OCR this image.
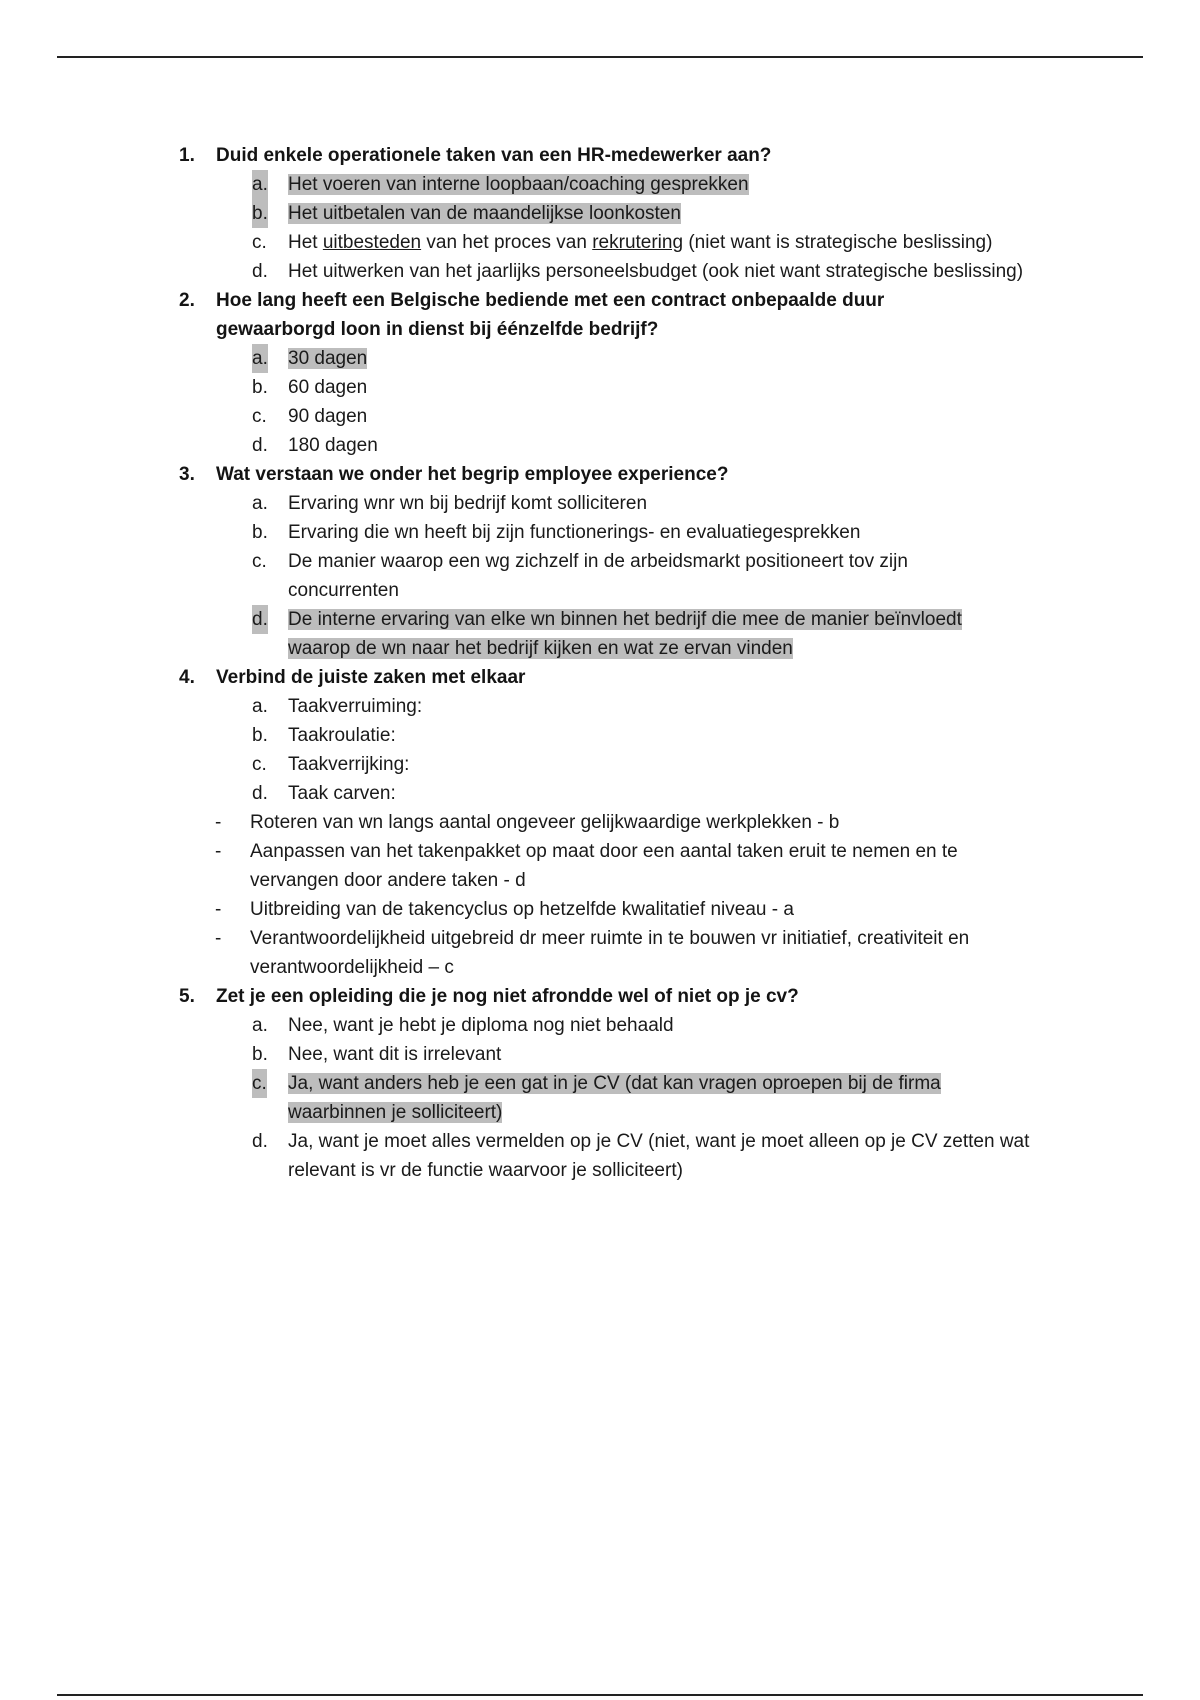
1. Duid enkele operationele taken van een HR-medewerker aan?
a. Het voeren van interne loopbaan/coaching gesprekken
b. Het uitbetalen van de maandelijkse loonkosten
c. Het uitbesteden van het proces van rekrutering (niet want is strategische beslissing)
d. Het uitwerken van het jaarlijks personeelsbudget (ook niet want strategische beslissing)
2. Hoe lang heeft een Belgische bediende met een contract onbepaalde duur gewaarborgd loon in dienst bij éénzelfde bedrijf?
a. 30 dagen
b. 60 dagen
c. 90 dagen
d. 180 dagen
3. Wat verstaan we onder het begrip employee experience?
a. Ervaring wnr wn bij bedrijf komt solliciteren
b. Ervaring die wn heeft bij zijn functionerings- en evaluatiegesprekken
c. De manier waarop een wg zichzelf in de arbeidsmarkt positioneert tov zijn concurrenten
d. De interne ervaring van elke wn binnen het bedrijf die mee de manier beïnvloedt waarop de wn naar het bedrijf kijken en wat ze ervan vinden
4. Verbind de juiste zaken met elkaar
a. Taakverruiming:
b. Taakroulatie:
c. Taakverrijking:
d. Taak carven:
- Roteren van wn langs aantal ongeveer gelijkwaardige werkplekken - b
- Aanpassen van het takenpakket op maat door een aantal taken eruit te nemen en te vervangen door andere taken - d
- Uitbreiding van de takencyclus op hetzelfde kwalitatief niveau - a
- Verantwoordelijkheid uitgebreid dr meer ruimte in te bouwen vr initiatief, creativiteit en verantwoordelijkheid – c
5. Zet je een opleiding die je nog niet afrondde wel of niet op je cv?
a. Nee, want je hebt je diploma nog niet behaald
b. Nee, want dit is irrelevant
c. Ja, want anders heb je een gat in je CV (dat kan vragen oproepen bij de firma waarbinnen je solliciteert)
d. Ja, want je moet alles vermelden op je CV (niet, want je moet alleen op je CV zetten wat relevant is vr de functie waarvoor je solliciteert)
